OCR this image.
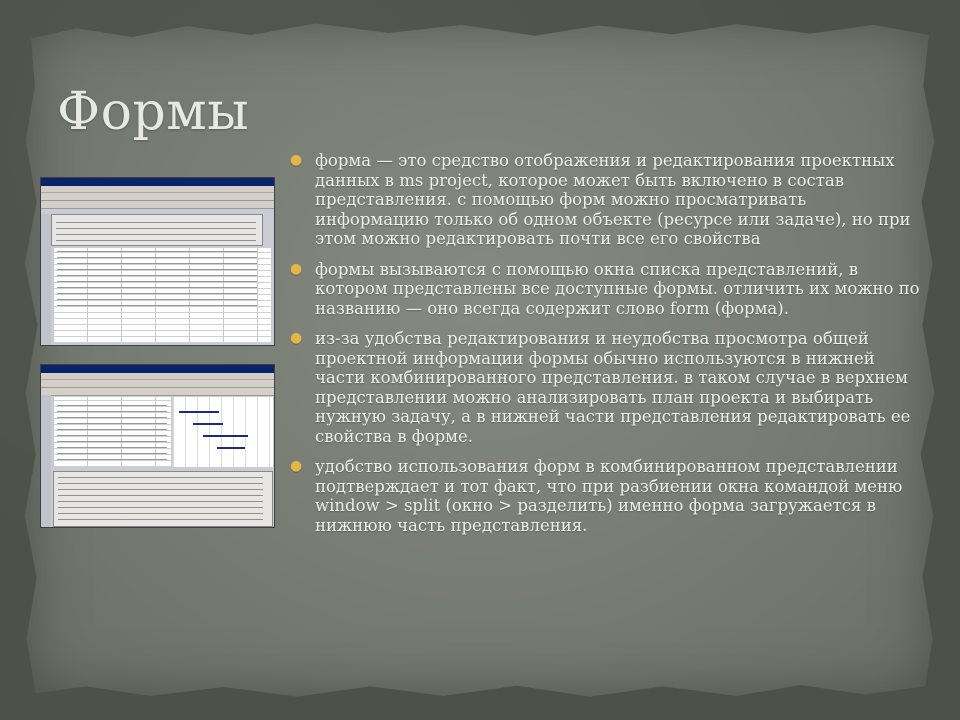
Формы

● форма — это средство отображения и редактирования проектных данных в ms project, которое может быть включено в состав представления. с помощью форм можно просматривать информацию только об одном объекте (ресурсе или задаче), но при этом можно редактировать почти все его свойства

● формы вызываются с помощью окна списка представлений, в котором представлены все доступные формы. отличить их можно по названию — оно всегда содержит слово form (форма).

● из-за удобства редактирования и неудобства просмотра общей проектной информации формы обычно используются в нижней части комбинированного представления. в таком случае в верхнем представлении можно анализировать план проекта и выбирать нужную задачу, а в нижней части представления редактировать ее свойства в форме.

● удобство использования форм в комбинированном представлении подтверждает и тот факт, что при разбиении окна командой меню window > split (окно > разделить) именно форма загружается в нижнюю часть представления.
